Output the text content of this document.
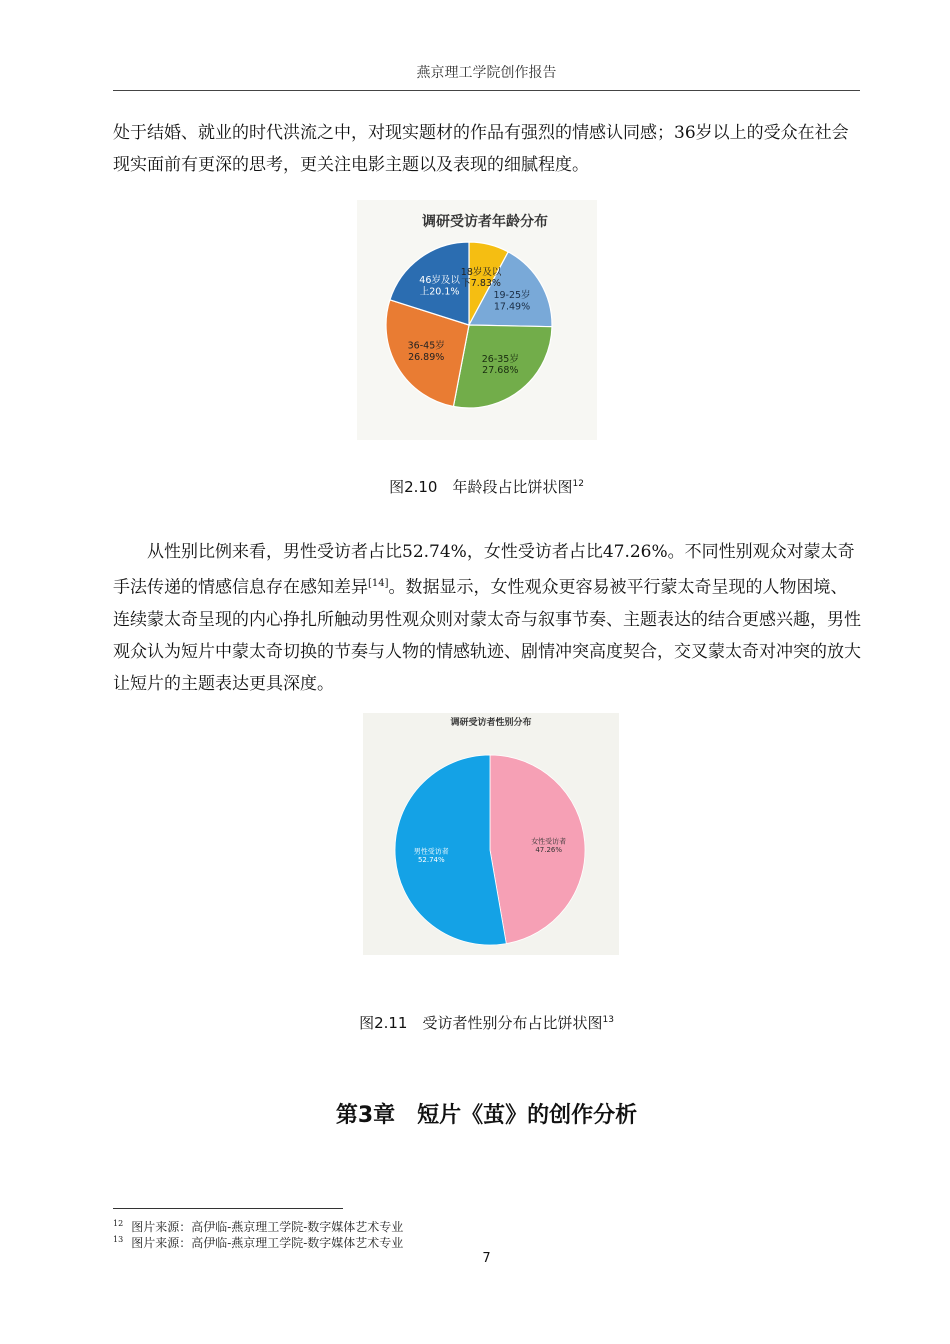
燕京理工学院创作报告

处于结婚、就业的时代洪流之中，对现实题材的作品有强烈的情感认同感；36岁以上的受众在社会现实面前有更深的思考，更关注电影主题以及表现的细腻程度。

调研受访者年龄分布
18岁及以下7.83%
19-25岁 17.49%
26-35岁 27.68%
36-45岁 26.89%
46岁及以上20.1%
图2.10　年龄段占比饼状图$^{12}$

从性别比例来看，男性受访者占比52.74%，女性受访者占比47.26%。不同性别观众对蒙太奇手法传递的情感信息存在感知差异[14]。数据显示，女性观众更容易被平行蒙太奇呈现的人物困境、连续蒙太奇呈现的内心挣扎所触动男性观众则对蒙太奇与叙事节奏、主题表达的结合更感兴趣，男性观众认为短片中蒙太奇切换的节奏与人物的情感轨迹、剧情冲突高度契合，交叉蒙太奇对冲突的放大让短片的主题表达更具深度。

调研受访者性别分布
女性受访者 47.26%
男性受访者 52.74%
图2.11　受访者性别分布占比饼状图$^{13}$
第3章　短片《茧》的创作分析
$^{12}$ 图片来源：高伊临-燕京理工学院-数字媒体艺术专业
$^{13}$ 图片来源：高伊临-燕京理工学院-数字媒体艺术专业
7
